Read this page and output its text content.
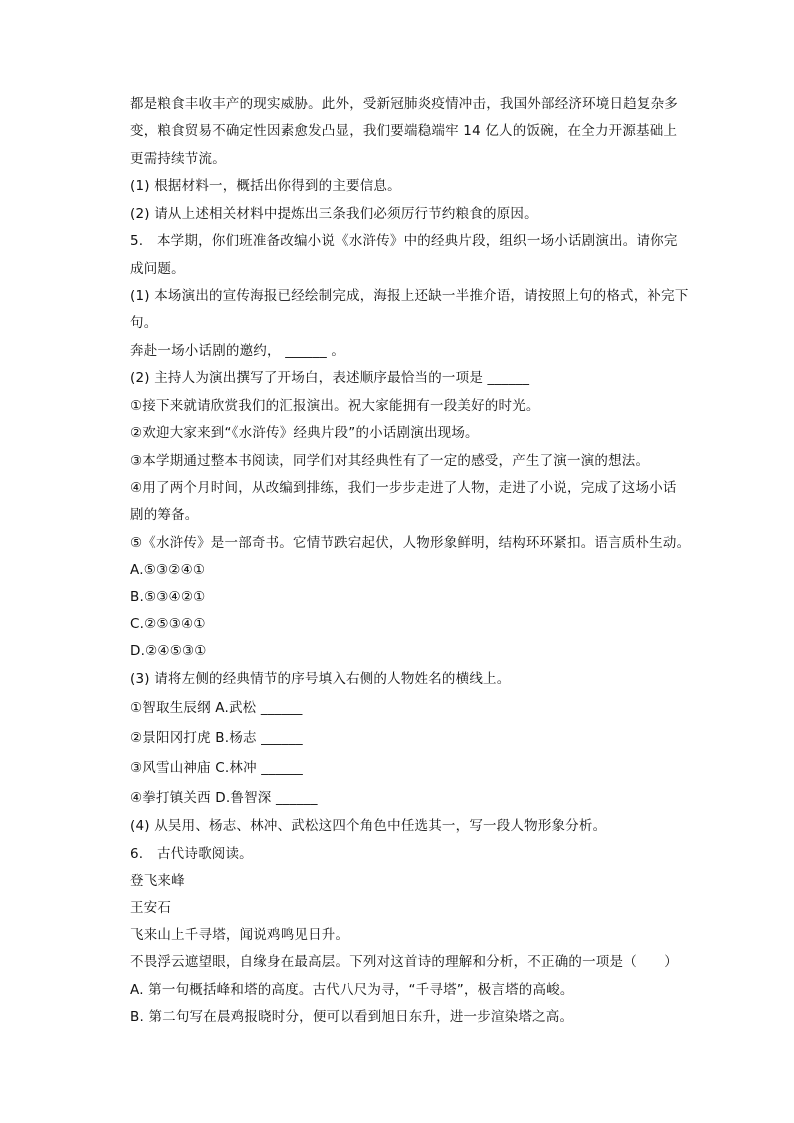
都是粮食丰收丰产的现实威胁。此外，受新冠肺炎疫情冲击，我国外部经济环境日趋复杂多
变，粮食贸易不确定性因素愈发凸显，我们要端稳端牢 14 亿人的饭碗，在全力开源基础上
更需持续节流。
(1) 根据材料一，概括出你得到的主要信息。
(2) 请从上述相关材料中提炼出三条我们必须厉行节约粮食的原因。
5.　本学期，你们班准备改编小说《水浒传》中的经典片段，组织一场小话剧演出。请你完
成问题。
(1) 本场演出的宣传海报已经绘制完成，海报上还缺一半推介语，请按照上句的格式，补完下
句。
奔赴一场小话剧的邀约， ______ 。
(2) 主持人为演出撰写了开场白，表述顺序最恰当的一项是 ______
①接下来就请欣赏我们的汇报演出。祝大家能拥有一段美好的时光。
②欢迎大家来到“《水浒传》经典片段”的小话剧演出现场。
③本学期通过整本书阅读，同学们对其经典性有了一定的感受，产生了演一演的想法。
④用了两个月时间，从改编到排练，我们一步步走进了人物，走进了小说，完成了这场小话
剧的筹备。
⑤《水浒传》是一部奇书。它情节跌宕起伏，人物形象鲜明，结构环环紧扣。语言质朴生动。
A.⑤③②④①
B.⑤③④②①
C.②⑤③④①
D.②④⑤③①
(3) 请将左侧的经典情节的序号填入右侧的人物姓名的横线上。
①智取生辰纲 A.武松 ______
②景阳冈打虎 B.杨志 ______
③风雪山神庙 C.林冲 ______
④拳打镇关西 D.鲁智深 ______
(4) 从吴用、杨志、林冲、武松这四个角色中任选其一，写一段人物形象分析。
6.　古代诗歌阅读。
登飞来峰
王安石
飞来山上千寻塔，闻说鸡鸣见日升。
不畏浮云遮望眼，自缘身在最高层。下列对这首诗的理解和分析，不正确的一项是（　　）
A. 第一句概括峰和塔的高度。古代八尺为寻，“千寻塔”，极言塔的高峻。
B. 第二句写在晨鸡报晓时分，便可以看到旭日东升，进一步渲染塔之高。
